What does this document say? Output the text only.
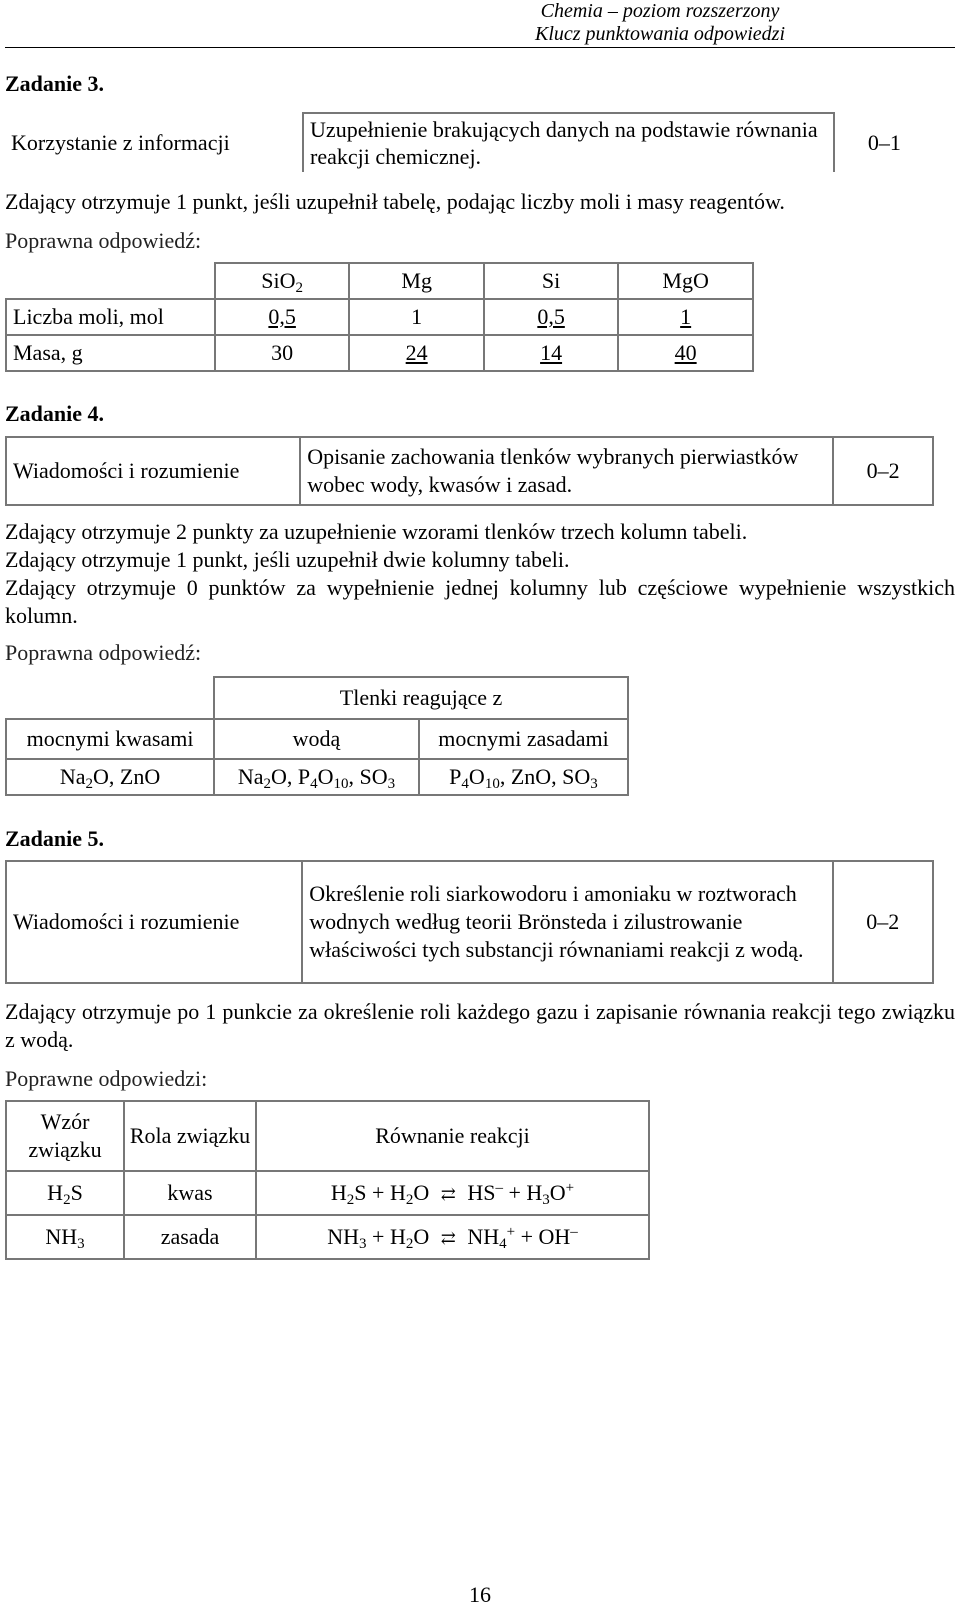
Chemia – poziom rozszerzony
Klucz punktowania odpowiedzi
Zadanie 3.
Korzystanie z informacji	Uzupełnienie brakujących danych na podstawie równania reakcji chemicznej.	0–1
Zdający otrzymuje 1 punkt, jeśli uzupełnił tabelę, podając liczby moli i masy reagentów.
Poprawna odpowiedź:
	SiO$_2$	Mg	Si	MgO
Liczba moli, mol	0,5	1	0,5	1
Masa, g	30	24	14	40
Zadanie 4.
Wiadomości i rozumienie	Opisanie zachowania tlenków wybranych pierwiastków wobec wody, kwasów i zasad.	0–2
Zdający otrzymuje 2 punkty za uzupełnienie wzorami tlenków trzech kolumn tabeli.
Zdający otrzymuje 1 punkt, jeśli uzupełnił dwie kolumny tabeli.
Zdający otrzymuje 0 punktów za wypełnienie jednej kolumny lub częściowe wypełnienie wszystkich kolumn.
Poprawna odpowiedź:
	Tlenki reagujące z	
mocnymi kwasami	wodą	mocnymi zasadami
$Na_2O$, ZnO	$Na_2O$, $P_4O_{10}$, $SO_3$	$P_4O_{10}$, ZnO, $SO_3$
Zadanie 5.
Wiadomości i rozumienie	Określenie roli siarkowodoru i amoniaku w roztworach wodnych według teorii Brönsteda i zilustrowanie właściwości tych substancji równaniami reakcji z wodą.	0–2
Zdający otrzymuje po 1 punkcie za określenie roli każdego gazu i zapisanie równania reakcji tego związku z wodą.
Poprawne odpowiedzi:
Wzór związku	Rola związku	Równanie reakcji
$H_2S$	kwas	$H_2S + H_2O$ ⇄ $HS^- + H_3O^+$
$NH_3$	zasada	$NH_3 + H_2O$ ⇄ $NH_4^+ + OH^-$
16
